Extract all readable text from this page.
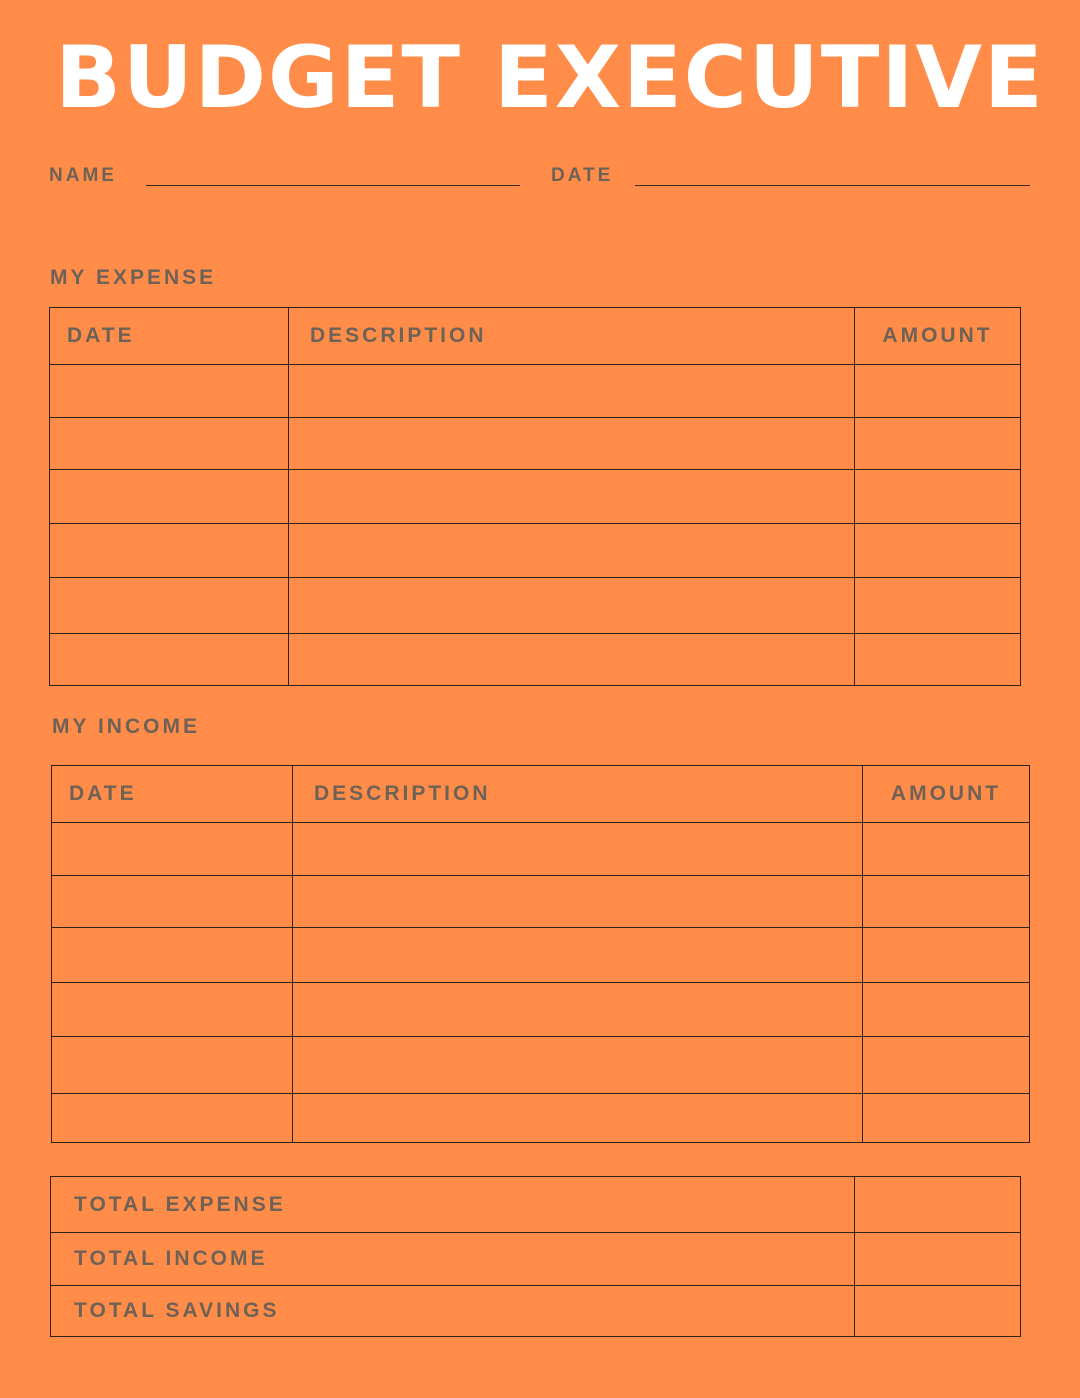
BUDGET EXECUTIVE
NAME	DATE
MY EXPENSE
DATE	DESCRIPTION	AMOUNT

MY INCOME
DATE	DESCRIPTION	AMOUNT

TOTAL EXPENSE	
TOTAL INCOME	
TOTAL SAVINGS	
